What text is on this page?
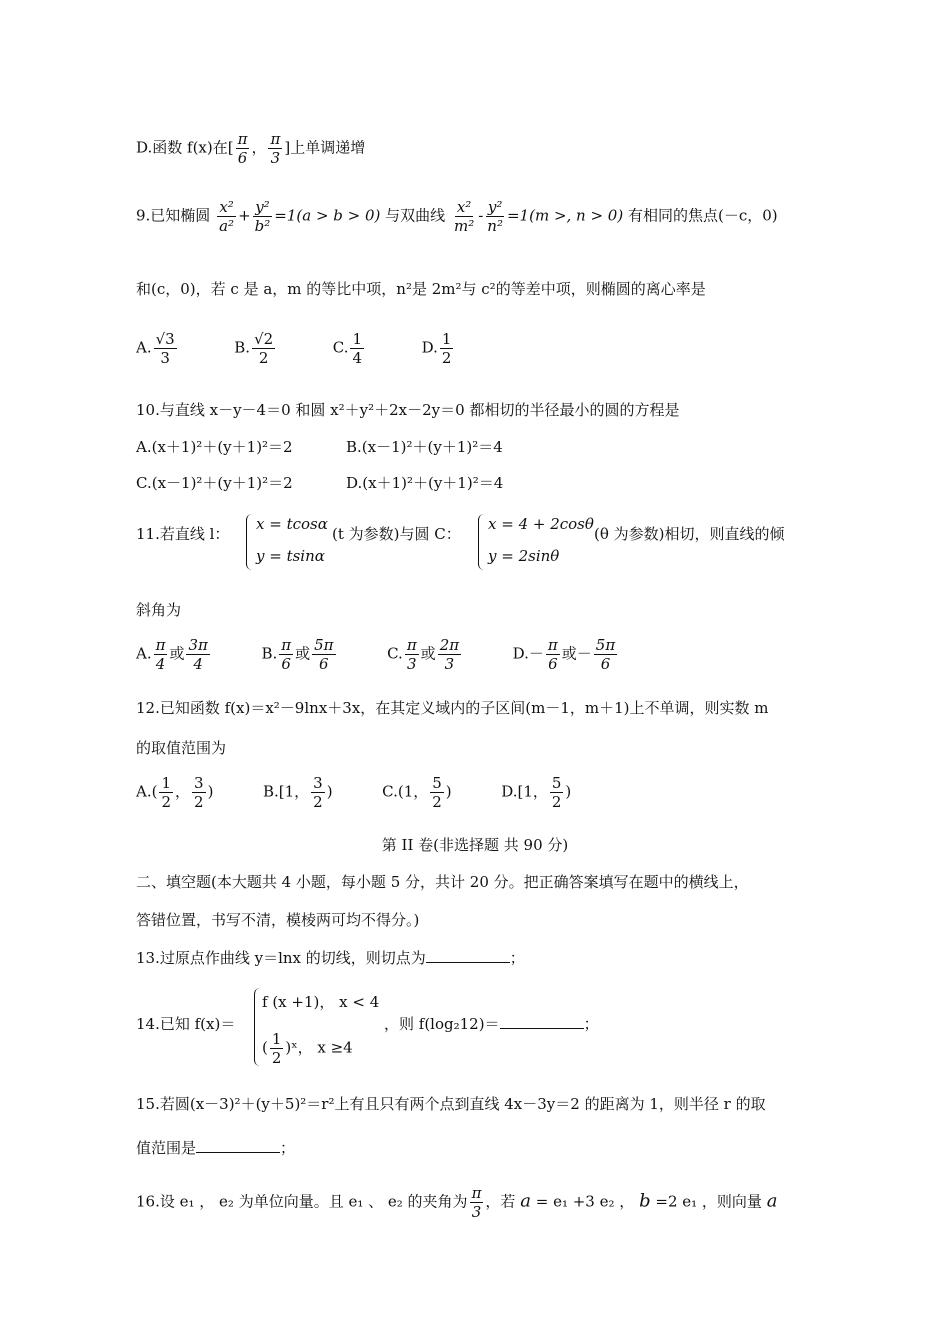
D.函数 f(x)在[ $\frac{\pi}{6}$ ， $\frac{\pi}{3}$ ]上单调递增
9.已知椭圆 $\frac{\text{x²}}{\text{a²}} + \frac{\text{y²}}{\text{b²}} =1(a > b > 0)$ 与双曲线 $\frac{\text{x²}}{\text{m²}} - \frac{\text{y²}}{\text{n²}} =1(m$ >, n > 0) 有相同的焦点(－c，0)
和(c，0)，若 c 是 a，m 的等比中项，n²是 2m²与 c²的等差中项，则椭圆的离心率是
A. $\frac{√3}{3}$	B. $\frac{√2}{2}$	C. $\frac{1}{4}$	D. $\frac{1}{2}$
10.与直线 x－y－4＝0 和圆 x²＋y²＋2x－2y＝0 都相切的半径最小的圆的方程是
A.(x＋1)²＋(y＋1)²＝2	B.(x－1)²＋(y＋1)²＝4
C.(x－1)²＋(y＋1)²＝2	D.(x＋1)²＋(y＋1)²＝4
11.若直线 l：
x = tcosα
y = tsinα
(t 为参数)与圆 C：
x = 4 + 2cosθ
y = 2sinθ
(θ 为参数)相切，则直线的倾
斜角为
A. $\frac{\pi}{4}$ 或 $\frac{3\pi}{4}$	B. $\frac{\pi}{6}$ 或 $\frac{5\pi}{6}$	C. $\frac{\pi}{3}$ 或 $\frac{2\pi}{3}$	$D.- \frac{\pi}{6}$ 或－ $\frac{5\pi}{6}$
12.已知函数 f(x)＝x²－9lnx＋3x，在其定义域内的子区间(m－1，m＋1)上不单调，则实数 m
的取值范围为
$A.( \frac{1}{2}$ ， $\frac{3}{2}$ )	B.[1， $\frac{3}{2}$ )	C.(1， $\frac{5}{2}$ )	D.[1， $\frac{5}{2}$ )
第 II 卷(非选择题 共 90 分)
二、填空题(本大题共 4 小题，每小题 5 分，共计 20 分。把正确答案填写在题中的横线上，
答错位置，书写不清，模棱两可均不得分。)
13.过原点作曲线 y＝lnx 的切线，则切点为	；
14.已知 f(x)＝
f (x +1)， x < 4
( $\frac{1}{2}$ )ˣ， x ≥4
，则 f(log₂12)＝	；
15.若圆(x－3)²＋(y＋5)²＝r²上有且只有两个点到直线 4x－3y＝2 的距离为 1，则半径 r 的取
值范围是	；
16.设 e₁ ， e₂ 为单位向量。且 e₁ 、 e₂ 的夹角为 $\frac{\pi}{3}$ ，若 a = e₁ +3 e₂ ， b =2 e₁ ，则向量 a
